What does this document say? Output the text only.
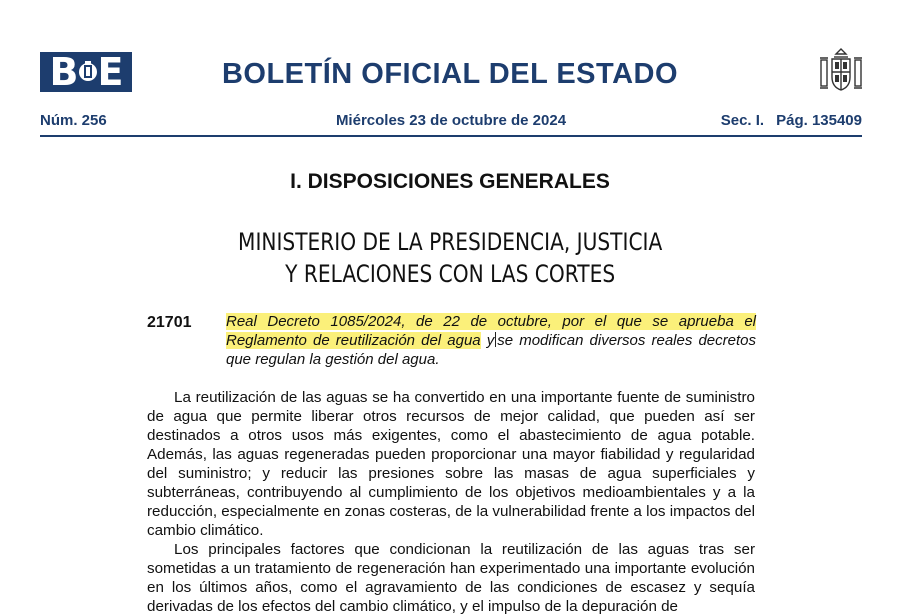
B E	BOLETÍN OFICIAL DEL ESTADO
Núm. 256	Miércoles 23 de octubre de 2024	Sec. I. Pág. 135409
I. DISPOSICIONES GENERALES
MINISTERIO DE LA PRESIDENCIA, JUSTICIA
Y RELACIONES CON LAS CORTES
21701 Real Decreto 1085/2024, de 22 de octubre, por el que se aprueba el Reglamento de reutilización del agua y se modifican diversos reales decretos que regulan la gestión del agua.

La reutilización de las aguas se ha convertido en una importante fuente de suministro de agua que permite liberar otros recursos de mejor calidad, que pueden así ser destinados a otros usos más exigentes, como el abastecimiento de agua potable. Además, las aguas regeneradas pueden proporcionar una mayor fiabilidad y regularidad del suministro; y reducir las presiones sobre las masas de agua superficiales y subterráneas, contribuyendo al cumplimiento de los objetivos medioambientales y a la reducción, especialmente en zonas costeras, de la vulnerabilidad frente a los impactos del cambio climático.

Los principales factores que condicionan la reutilización de las aguas tras ser sometidas a un tratamiento de regeneración han experimentado una importante evolución en los últimos años, como el agravamiento de las condiciones de escasez y sequía derivadas de los efectos del cambio climático, y el impulso de la depuración de
